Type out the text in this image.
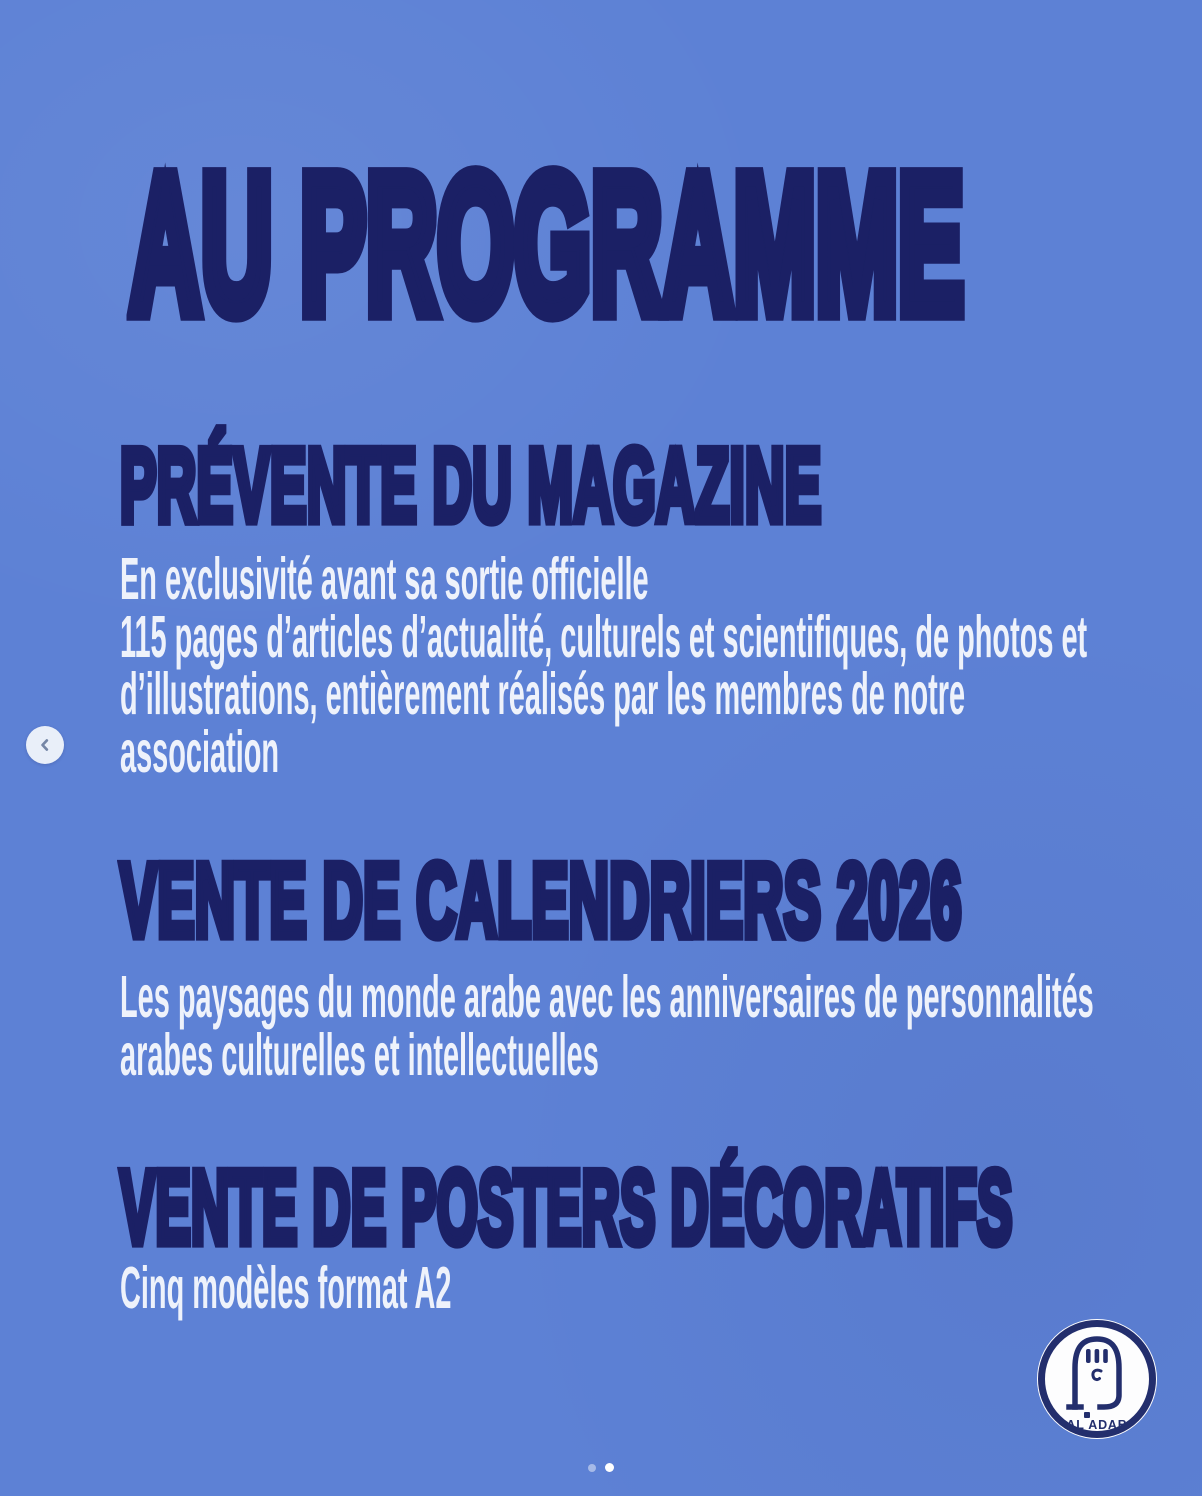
AU PROGRAMME
PRÉVENTE DU MAGAZINE
En exclusivité avant sa sortie officielle
115 pages d’articles d’actualité, culturels et scientifiques, de photos et
d’illustrations, entièrement réalisés par les membres de notre
association
VENTE DE CALENDRIERS 2026
Les paysages du monde arabe avec les anniversaires de personnalités
arabes culturelles et intellectuelles
VENTE DE POSTERS DÉCORATIFS
Cinq modèles format A2
AL ADAB
